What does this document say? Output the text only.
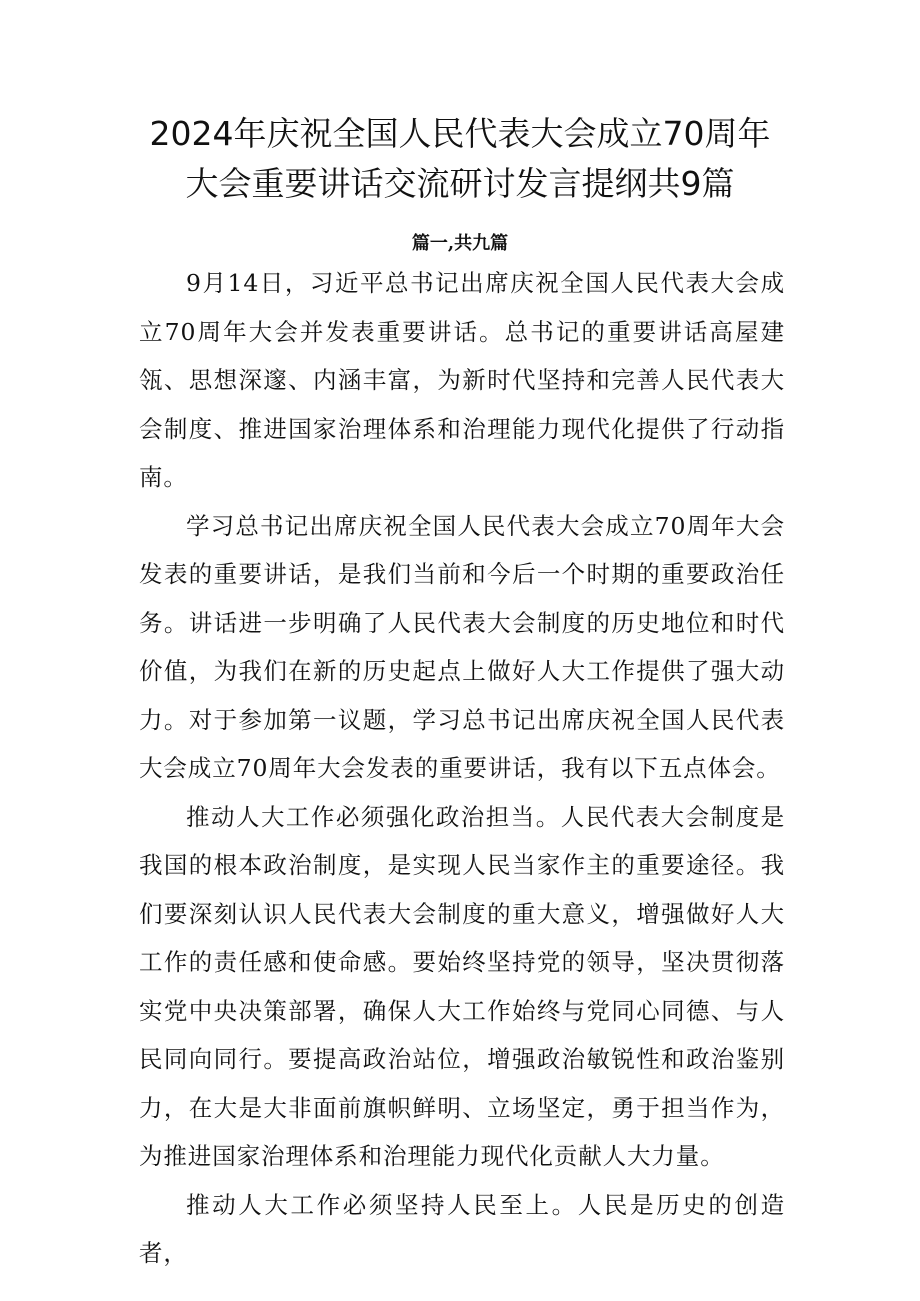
2024年庆祝全国人民代表大会成立70周年
大会重要讲话交流研讨发言提纲共9篇
篇一,共九篇

9月14日，习近平总书记出席庆祝全国人民代表大会成立70周年大会并发表重要讲话。总书记的重要讲话高屋建瓴、思想深邃、内涵丰富，为新时代坚持和完善人民代表大会制度、推进国家治理体系和治理能力现代化提供了行动指南。

学习总书记出席庆祝全国人民代表大会成立70周年大会发表的重要讲话，是我们当前和今后一个时期的重要政治任务。讲话进一步明确了人民代表大会制度的历史地位和时代价值，为我们在新的历史起点上做好人大工作提供了强大动力。对于参加第一议题，学习总书记出席庆祝全国人民代表大会成立70周年大会发表的重要讲话，我有以下五点体会。

推动人大工作必须强化政治担当。人民代表大会制度是我国的根本政治制度，是实现人民当家作主的重要途径。我们要深刻认识人民代表大会制度的重大意义，增强做好人大工作的责任感和使命感。要始终坚持党的领导，坚决贯彻落实党中央决策部署，确保人大工作始终与党同心同德、与人民同向同行。要提高政治站位，增强政治敏锐性和政治鉴别力，在大是大非面前旗帜鲜明、立场坚定，勇于担当作为，为推进国家治理体系和治理能力现代化贡献人大力量。

推动人大工作必须坚持人民至上。人民是历史的创造者，
